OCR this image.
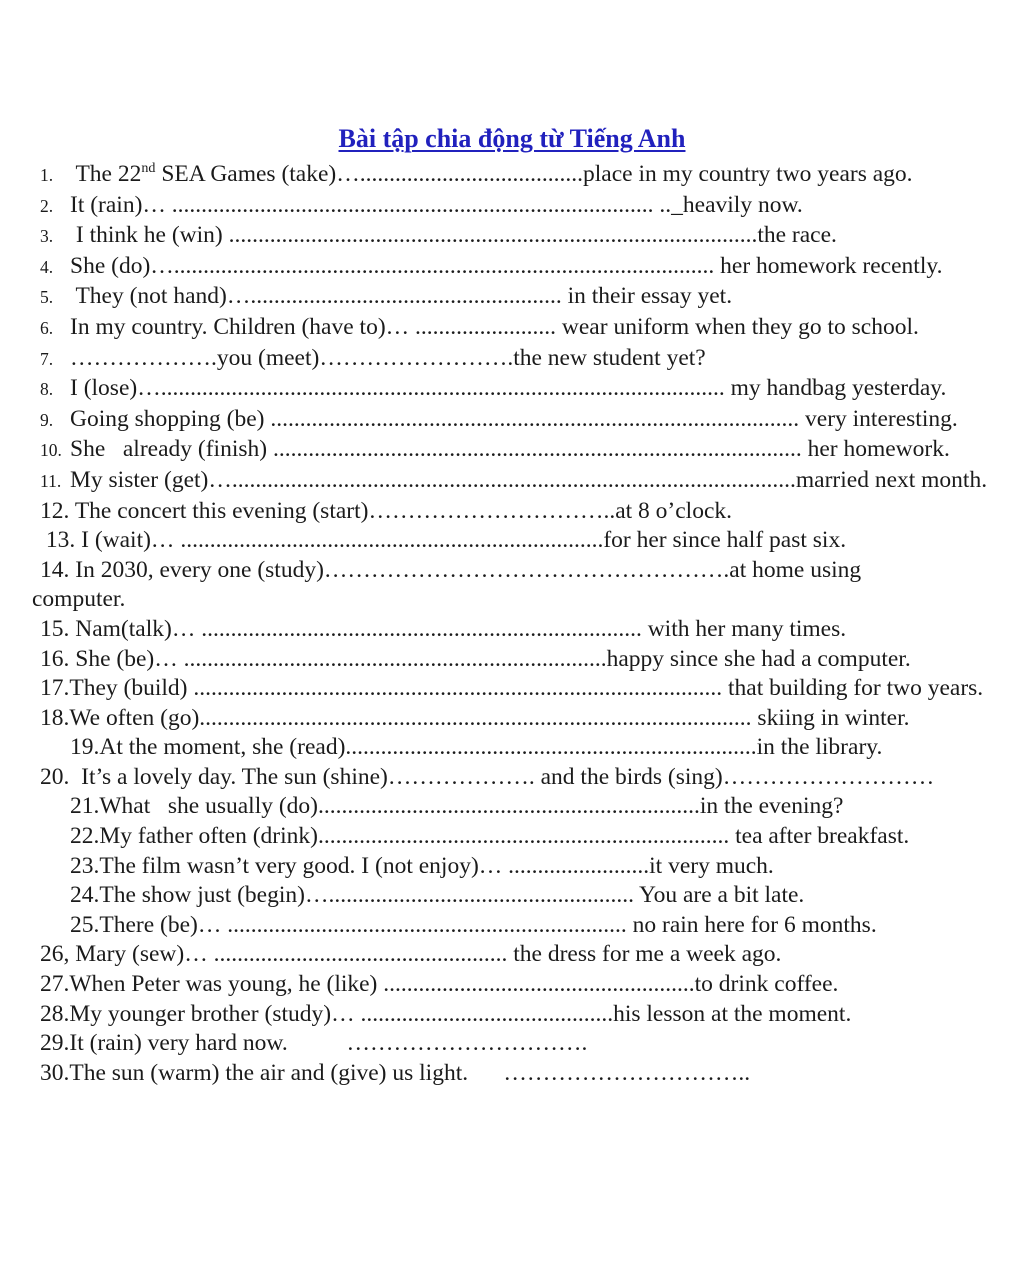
Bài tập chia động từ Tiếng Anh
1. The 22nd SEA Games (take)…......................................place in my country two years ago.
2. It (rain)… .................................................................................. .._heavily now.
3. I think he (win) ..........................................................................................the race.
4. She (do)…............................................................................................ her homework recently.
5. They (not hand)…..................................................... in their essay yet.
6. In my country. Children (have to)… ........................ wear uniform when they go to school.
7. ……………….you (meet)…………………….the new student yet?
8. I (lose)…................................................................................................ my handbag yesterday.
9. Going shopping (be) .......................................................................................... very interesting.
10. She   already (finish) .......................................................................................... her homework.
11. My sister (get)…................................................................................................married next month.
12. The concert this evening (start)…………………………..at 8 o’clock.
13. I (wait)… ........................................................................for her since half past six.
14. In 2030, every one (study)…………………………………………….at home using
computer.
15. Nam(talk)… ........................................................................... with her many times.
16. She (be)… ........................................................................happy since she had a computer.
17.They (build) .......................................................................................... that building for two years.
18.We often (go).............................................................................................. skiing in winter.
19.At the moment, she (read)......................................................................in the library.
20.  It’s a lovely day. The sun (shine)………………. and the birds (sing)………………………
21.What   she usually (do).................................................................in the evening?
22.My father often (drink)...................................................................... tea after breakfast.
23.The film wasn’t very good. I (not enjoy)… ........................it very much.
24.The show just (begin)….................................................... You are a bit late.
25.There (be)… .................................................................... no rain here for 6 months.
26, Mary (sew)… .................................................. the dress for me a week ago.
27.When Peter was young, he (like) .....................................................to drink coffee.
28.My younger brother (study)… ...........................................his lesson at the moment.
29.It (rain) very hard now.          ………………………….
30.The sun (warm) the air and (give) us light.      …………………………..
